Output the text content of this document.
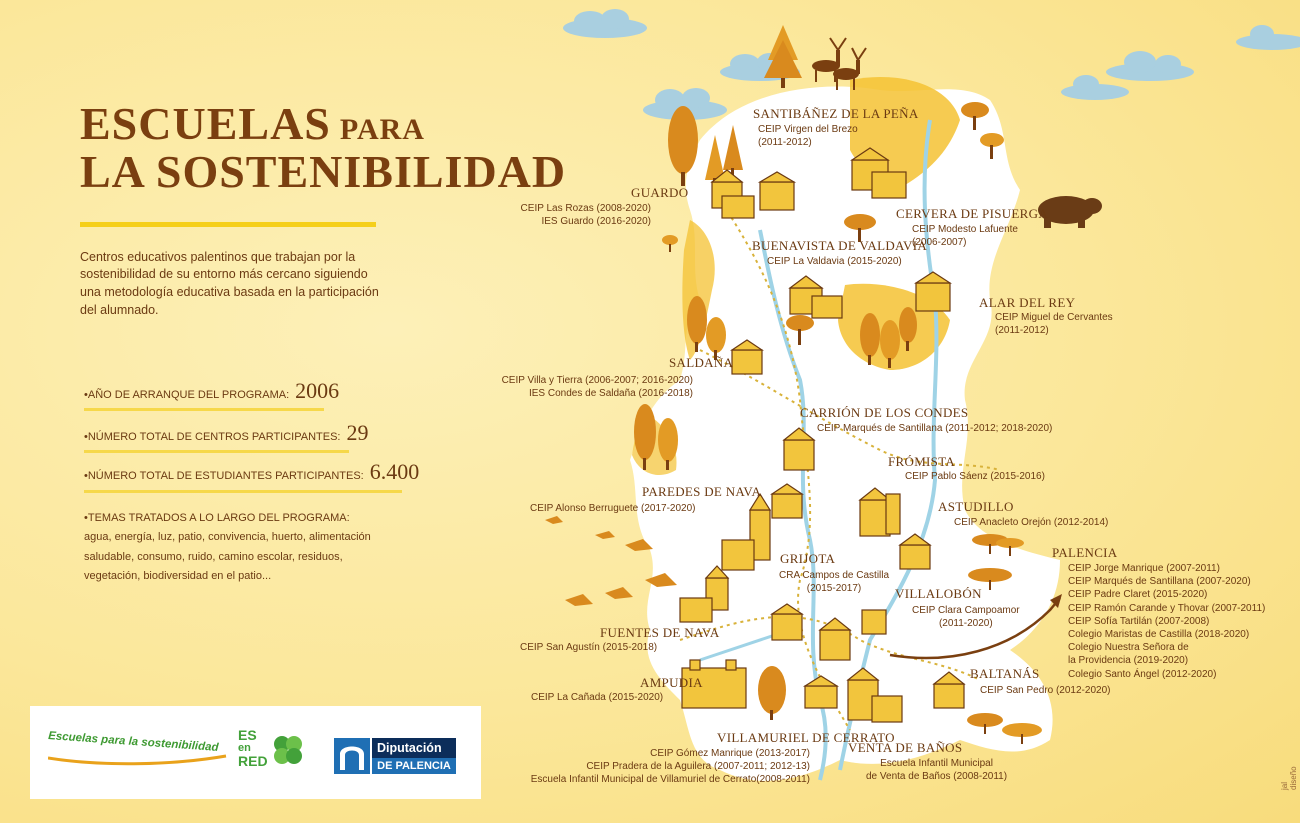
ESCUELAS PARA
LA SOSTENIBILIDAD

Centros educativos palentinos que trabajan por la sostenibilidad de su entorno más cercano siguiendo una metodología educativa basada en la participación del alumnado.

•AÑO DE ARRANQUE DEL PROGRAMA: 2006
•NÚMERO TOTAL DE CENTROS PARTICIPANTES: 29
•NÚMERO TOTAL DE ESTUDIANTES PARTICIPANTES: 6.400
•TEMAS TRATADOS A LO LARGO DEL PROGRAMA:
agua, energía, luz, patio, convivencia, huerto, alimentación saludable, consumo, ruido, camino escolar, residuos, vegetación, biodiversidad en el patio...
Escuelas para la sostenibilidad ES
en
RED
Diputación
DE PALENCIA
SANTIBÁÑEZ DE LA PEÑA
CEIP Virgen del Brezo
(2011-2012)
GUARDO
CEIP Las Rozas (2008-2020)
IES Guardo (2016-2020)
CERVERA DE PISUERGA
CEIP Modesto Lafuente
(2006-2007)
BUENAVISTA DE VALDAVIA
CEIP La Valdavia (2015-2020)
ALAR DEL REY
CEIP Miguel de Cervantes
(2011-2012)
SALDAÑA
CEIP Villa y Tierra (2006-2007; 2016-2020)
IES Condes de Saldaña (2016-2018)
CARRIÓN DE LOS CONDES
CEIP Marqués de Santillana (2011-2012; 2018-2020)
FRÓMISTA
CEIP Pablo Sáenz (2015-2016)
PAREDES DE NAVA
CEIP Alonso Berruguete (2017-2020)	ASTUDILLO
CEIP Anacleto Orejón (2012-2014)
GRIJOTA
CRA Campos de Castilla
(2015-2017)
PALENCIA
CEIP Jorge Manrique (2007-2011)
CEIP Marqués de Santillana (2007-2020)
CEIP Padre Claret (2015-2020)
CEIP Ramón Carande y Thovar (2007-2011)
CEIP Sofía Tartilán (2007-2008)
Colegio Maristas de Castilla (2018-2020)
Colegio Nuestra Señora de
la Providencia (2019-2020)
Colegio Santo Ángel (2012-2020)
VILLALOBÓN
CEIP Clara Campoamor
(2011-2020)
FUENTES DE NAVA
CEIP San Agustín (2015-2018)
AMPUDIA
CEIP La Cañada (2015-2020)
BALTANÁS
CEIP San Pedro (2012-2020)
VILLAMURIEL DE CERRATO
CEIP Gómez Manrique (2013-2017)
CEIP Pradera de la Aguilera (2007-2011; 2012-13)
Escuela Infantil Municipal de Villamuriel de Cerrato(2008-2011)
VENTA DE BAÑOS
Escuela Infantil Municipal
de Venta de Baños (2008-2011)
jal diseño
